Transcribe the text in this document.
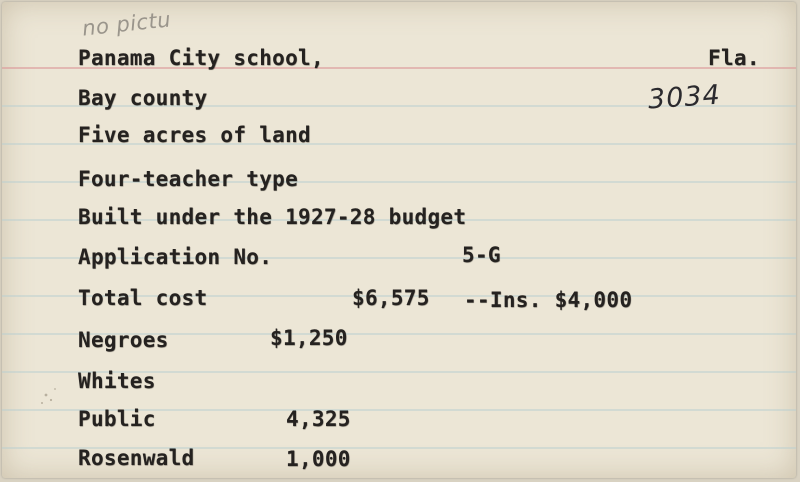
no pictu
3034
Panama City school,	Fla.
Bay county
Five acres of land
Four-teacher type
Built under the 1927-28 budget
Application No.	5-G
Total cost	$6,575 --Ins. $4,000
Negroes	$1,250
Whites
Public	4,325
Rosenwald	1,000
